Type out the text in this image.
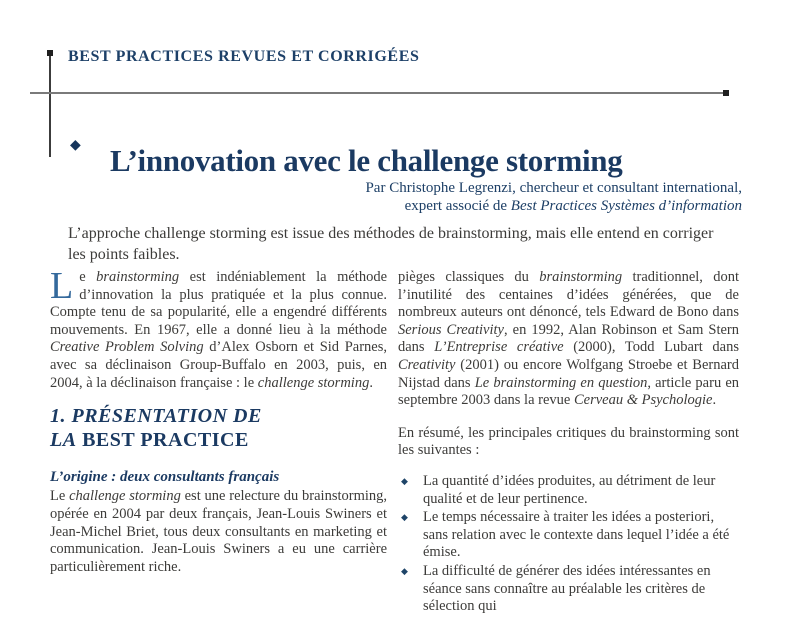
BEST PRACTICES REVUES ET CORRIGÉES
◆ L’innovation avec le challenge storming
Par Christophe Legrenzi, chercheur et consultant international,
expert associé de Best Practices Systèmes d’information
L’approche challenge storming est issue des méthodes de brainstorming, mais elle entend en corriger les points faibles.

Le brainstorming est indéniablement la méthode d’innovation la plus pratiquée et la plus connue. Compte tenu de sa popularité, elle a engendré différents mouvements. En 1967, elle a donné lieu à la méthode Creative Problem Solving d’Alex Osborn et Sid Parnes, avec sa déclinaison Group-Buffalo en 2003, puis, en 2004, à la déclinaison française : le challenge storming.

1. PRÉSENTATION DE
LA BEST PRACTICE
L’origine : deux consultants français

Le challenge storming est une relecture du brainstorming, opérée en 2004 par deux français, Jean-Louis Swiners et Jean-Michel Briet, tous deux consultants en marketing et communication. Jean-Louis Swiners a eu une carrière particulièrement riche.

pièges classiques du brainstorming traditionnel, dont l’inutilité des centaines d’idées générées, que de nombreux auteurs ont dénoncé, tels Edward de Bono dans Serious Creativity, en 1992, Alan Robinson et Sam Stern dans L’Entreprise créative (2000), Todd Lubart dans Creativity (2001) ou encore Wolfgang Stroebe et Bernard Nijstad dans Le brainstorming en question, article paru en septembre 2003 dans la revue Cerveau & Psychologie.

En résumé, les principales critiques du brainstorming sont les suivantes :

◆ La quantité d’idées produites, au détriment de leur qualité et de leur pertinence.
◆ Le temps nécessaire à traiter les idées a posteriori, sans relation avec le contexte dans lequel l’idée a été émise.
◆ La difficulté de générer des idées intéressantes en séance sans connaître au préalable les critères de sélection qui
